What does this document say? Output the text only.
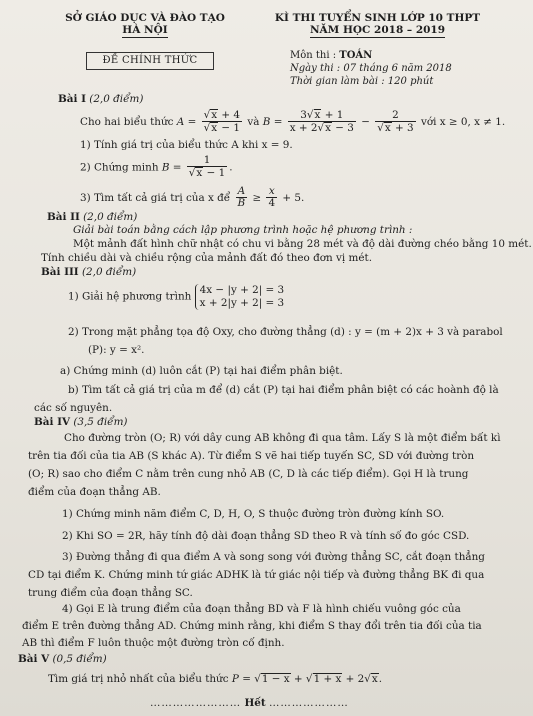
SỞ GIÁO DỤC VÀ ĐÀO TẠO
HÀ NỘI
KÌ THI TUYỂN SINH LỚP 10 THPT
NĂM HỌC 2018 – 2019
ĐỀ CHÍNH THỨC	Môn thi : TOÁN
Ngày thi : 07 tháng 6 năm 2018
Thời gian làm bài : 120 phút
Bài I (2,0 điểm)
Cho hai biểu thức $A = \frac{√x + 4}{√x - 1}$ và $B = \frac{3√x + 1}{x + 2√x - 3} - \frac{2}{√x + 3}$ với x ≥ 0, x ≠ 1.
1) Tính giá trị của biểu thức A khi x = 9.
2) Chứng minh $B = \frac{1}{√x - 1}$ .
3) Tìm tất cả giá trị của x để $\frac{A}{B} \ge \frac{x}{4} + 5$.
Bài II (2,0 điểm)
Giải bài toán bằng cách lập phương trình hoặc hệ phương trình :
Một mảnh đất hình chữ nhật có chu vi bằng 28 mét và độ dài đường chéo bằng 10 mét.
Tính chiều dài và chiều rộng của mảnh đất đó theo đơn vị mét.
Bài III (2,0 điểm)
1) Giải hệ phương trình
4x − |y + 2| = 3
x + 2|y + 2| = 3
2) Trong mặt phẳng tọa độ Oxy, cho đường thẳng (d) : y = (m + 2)x + 3 và parabol
(P): y = x².
a) Chứng minh (d) luôn cắt (P) tại hai điểm phân biệt.
b) Tìm tất cả giá trị của m để (d) cắt (P) tại hai điểm phân biệt có các hoành độ là
các số nguyên.
Bài IV (3,5 điểm)
Cho đường tròn (O; R) với dây cung AB không đi qua tâm. Lấy S là một điểm bất kì
trên tia đối của tia AB (S khác A). Từ điểm S vẽ hai tiếp tuyến SC, SD với đường tròn
(O; R) sao cho điểm C nằm trên cung nhỏ AB (C, D là các tiếp điểm). Gọi H là trung
điểm của đoạn thẳng AB.
1) Chứng minh năm điểm C, D, H, O, S thuộc đường tròn đường kính SO.
2) Khi SO = 2R, hãy tính độ dài đoạn thẳng SD theo R và tính số đo góc CSD.
3) Đường thẳng đi qua điểm A và song song với đường thẳng SC, cắt đoạn thẳng
CD tại điểm K. Chứng minh tứ giác ADHK là tứ giác nội tiếp và đường thẳng BK đi qua
trung điểm của đoạn thẳng SC.
4) Gọi E là trung điểm của đoạn thẳng BD và F là hình chiếu vuông góc của
điểm E trên đường thẳng AD. Chứng minh rằng, khi điểm S thay đổi trên tia đối của tia
AB thì điểm F luôn thuộc một đường tròn cố định.
Bài V (0,5 điểm)
Tìm giá trị nhỏ nhất của biểu thức P = √1 − x + √1 + x + 2√x.
…………………… Hết …………………
